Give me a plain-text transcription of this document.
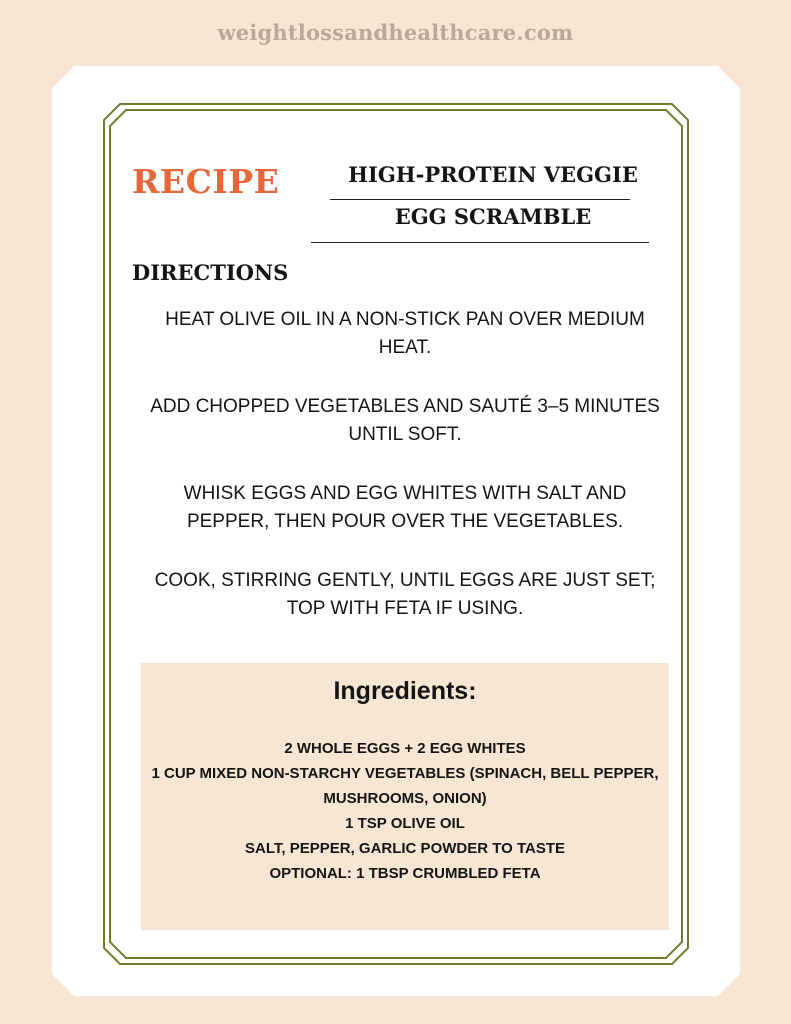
weightlossandhealthcare.com
RECIPE	HIGH-PROTEIN VEGGIE
EGG SCRAMBLE
DIRECTIONS

HEAT OLIVE OIL IN A NON-STICK PAN OVER MEDIUM HEAT.

ADD CHOPPED VEGETABLES AND SAUTÉ 3–5 MINUTES UNTIL SOFT.

WHISK EGGS AND EGG WHITES WITH SALT AND PEPPER, THEN POUR OVER THE VEGETABLES.

COOK, STIRRING GENTLY, UNTIL EGGS ARE JUST SET; TOP WITH FETA IF USING.

Ingredients:
2 WHOLE EGGS + 2 EGG WHITES
1 CUP MIXED NON-STARCHY VEGETABLES (SPINACH, BELL PEPPER, MUSHROOMS, ONION)
1 TSP OLIVE OIL
SALT, PEPPER, GARLIC POWDER TO TASTE
OPTIONAL: 1 TBSP CRUMBLED FETA
